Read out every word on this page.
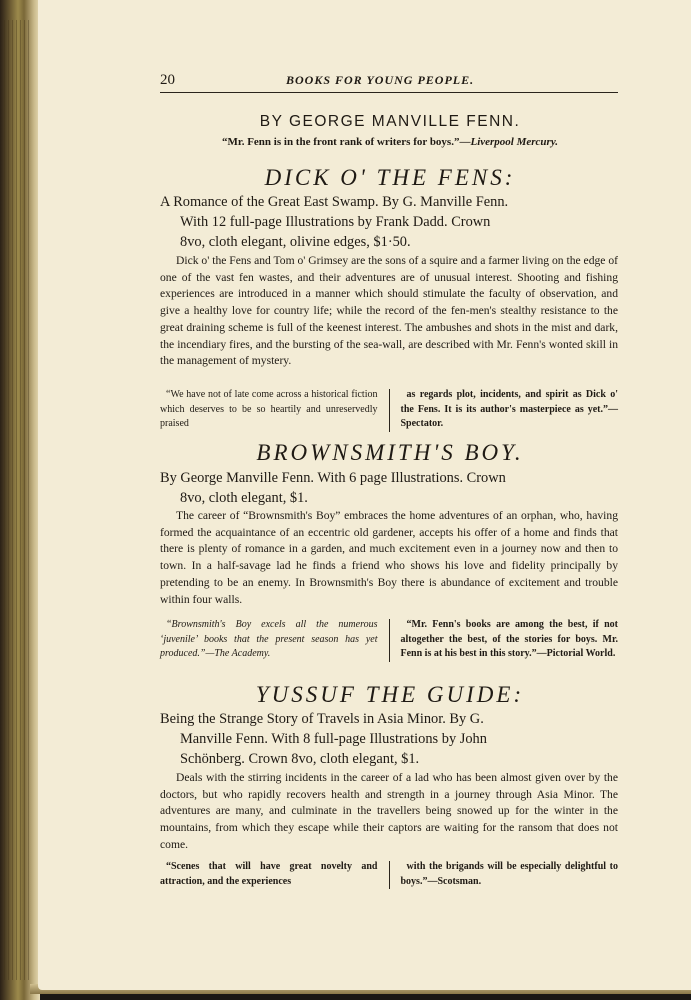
20	BOOKS FOR YOUNG PEOPLE.
BY GEORGE MANVILLE FENN.
“Mr. Fenn is in the front rank of writers for boys.”—Liverpool Mercury.
DICK O' THE FENS:
A Romance of the Great East Swamp. By G. Manville Fenn.
With 12 full-page Illustrations by Frank Dadd. Crown
8vo, cloth elegant, olivine edges, $1·50.

Dick o' the Fens and Tom o' Grimsey are the sons of a squire and a farmer living on the edge of one of the vast fen wastes, and their adventures are of unusual interest. Shooting and fishing experiences are introduced in a manner which should stimulate the faculty of observation, and give a healthy love for country life; while the record of the fen-men's stealthy resistance to the great draining scheme is full of the keenest interest. The ambushes and shots in the mist and dark, the incendiary fires, and the bursting of the sea-wall, are described with Mr. Fenn's wonted skill in the management of mystery.

“We have not of late come across a historical fiction which deserves to be so heartily and unreservedly praised
as regards plot, incidents, and spirit as Dick o' the Fens. It is its author's masterpiece as yet.”—Spectator.
BROWNSMITH'S BOY.
By George Manville Fenn. With 6 page Illustrations. Crown
8vo, cloth elegant, $1.

The career of “Brownsmith's Boy” embraces the home adventures of an orphan, who, having formed the acquaintance of an eccentric old gardener, accepts his offer of a home and finds that there is plenty of romance in a garden, and much excitement even in a journey now and then to town. In a half-savage lad he finds a friend who shows his love and fidelity principally by pretending to be an enemy. In Brownsmith's Boy there is abundance of excitement and trouble within four walls.

“Brownsmith's Boy excels all the numerous ‘juvenile’ books that the present season has yet produced.”—The Academy.
“Mr. Fenn's books are among the best, if not altogether the best, of the stories for boys. Mr. Fenn is at his best in this story.”—Pictorial World.
YUSSUF THE GUIDE:
Being the Strange Story of Travels in Asia Minor. By G.
Manville Fenn. With 8 full-page Illustrations by John
Schönberg. Crown 8vo, cloth elegant, $1.

Deals with the stirring incidents in the career of a lad who has been almost given over by the doctors, but who rapidly recovers health and strength in a journey through Asia Minor. The adventures are many, and culminate in the travellers being snowed up for the winter in the mountains, from which they escape while their captors are waiting for the ransom that does not come.

“Scenes that will have great novelty and attraction, and the experiences
with the brigands will be especially delightful to boys.”—Scotsman.
